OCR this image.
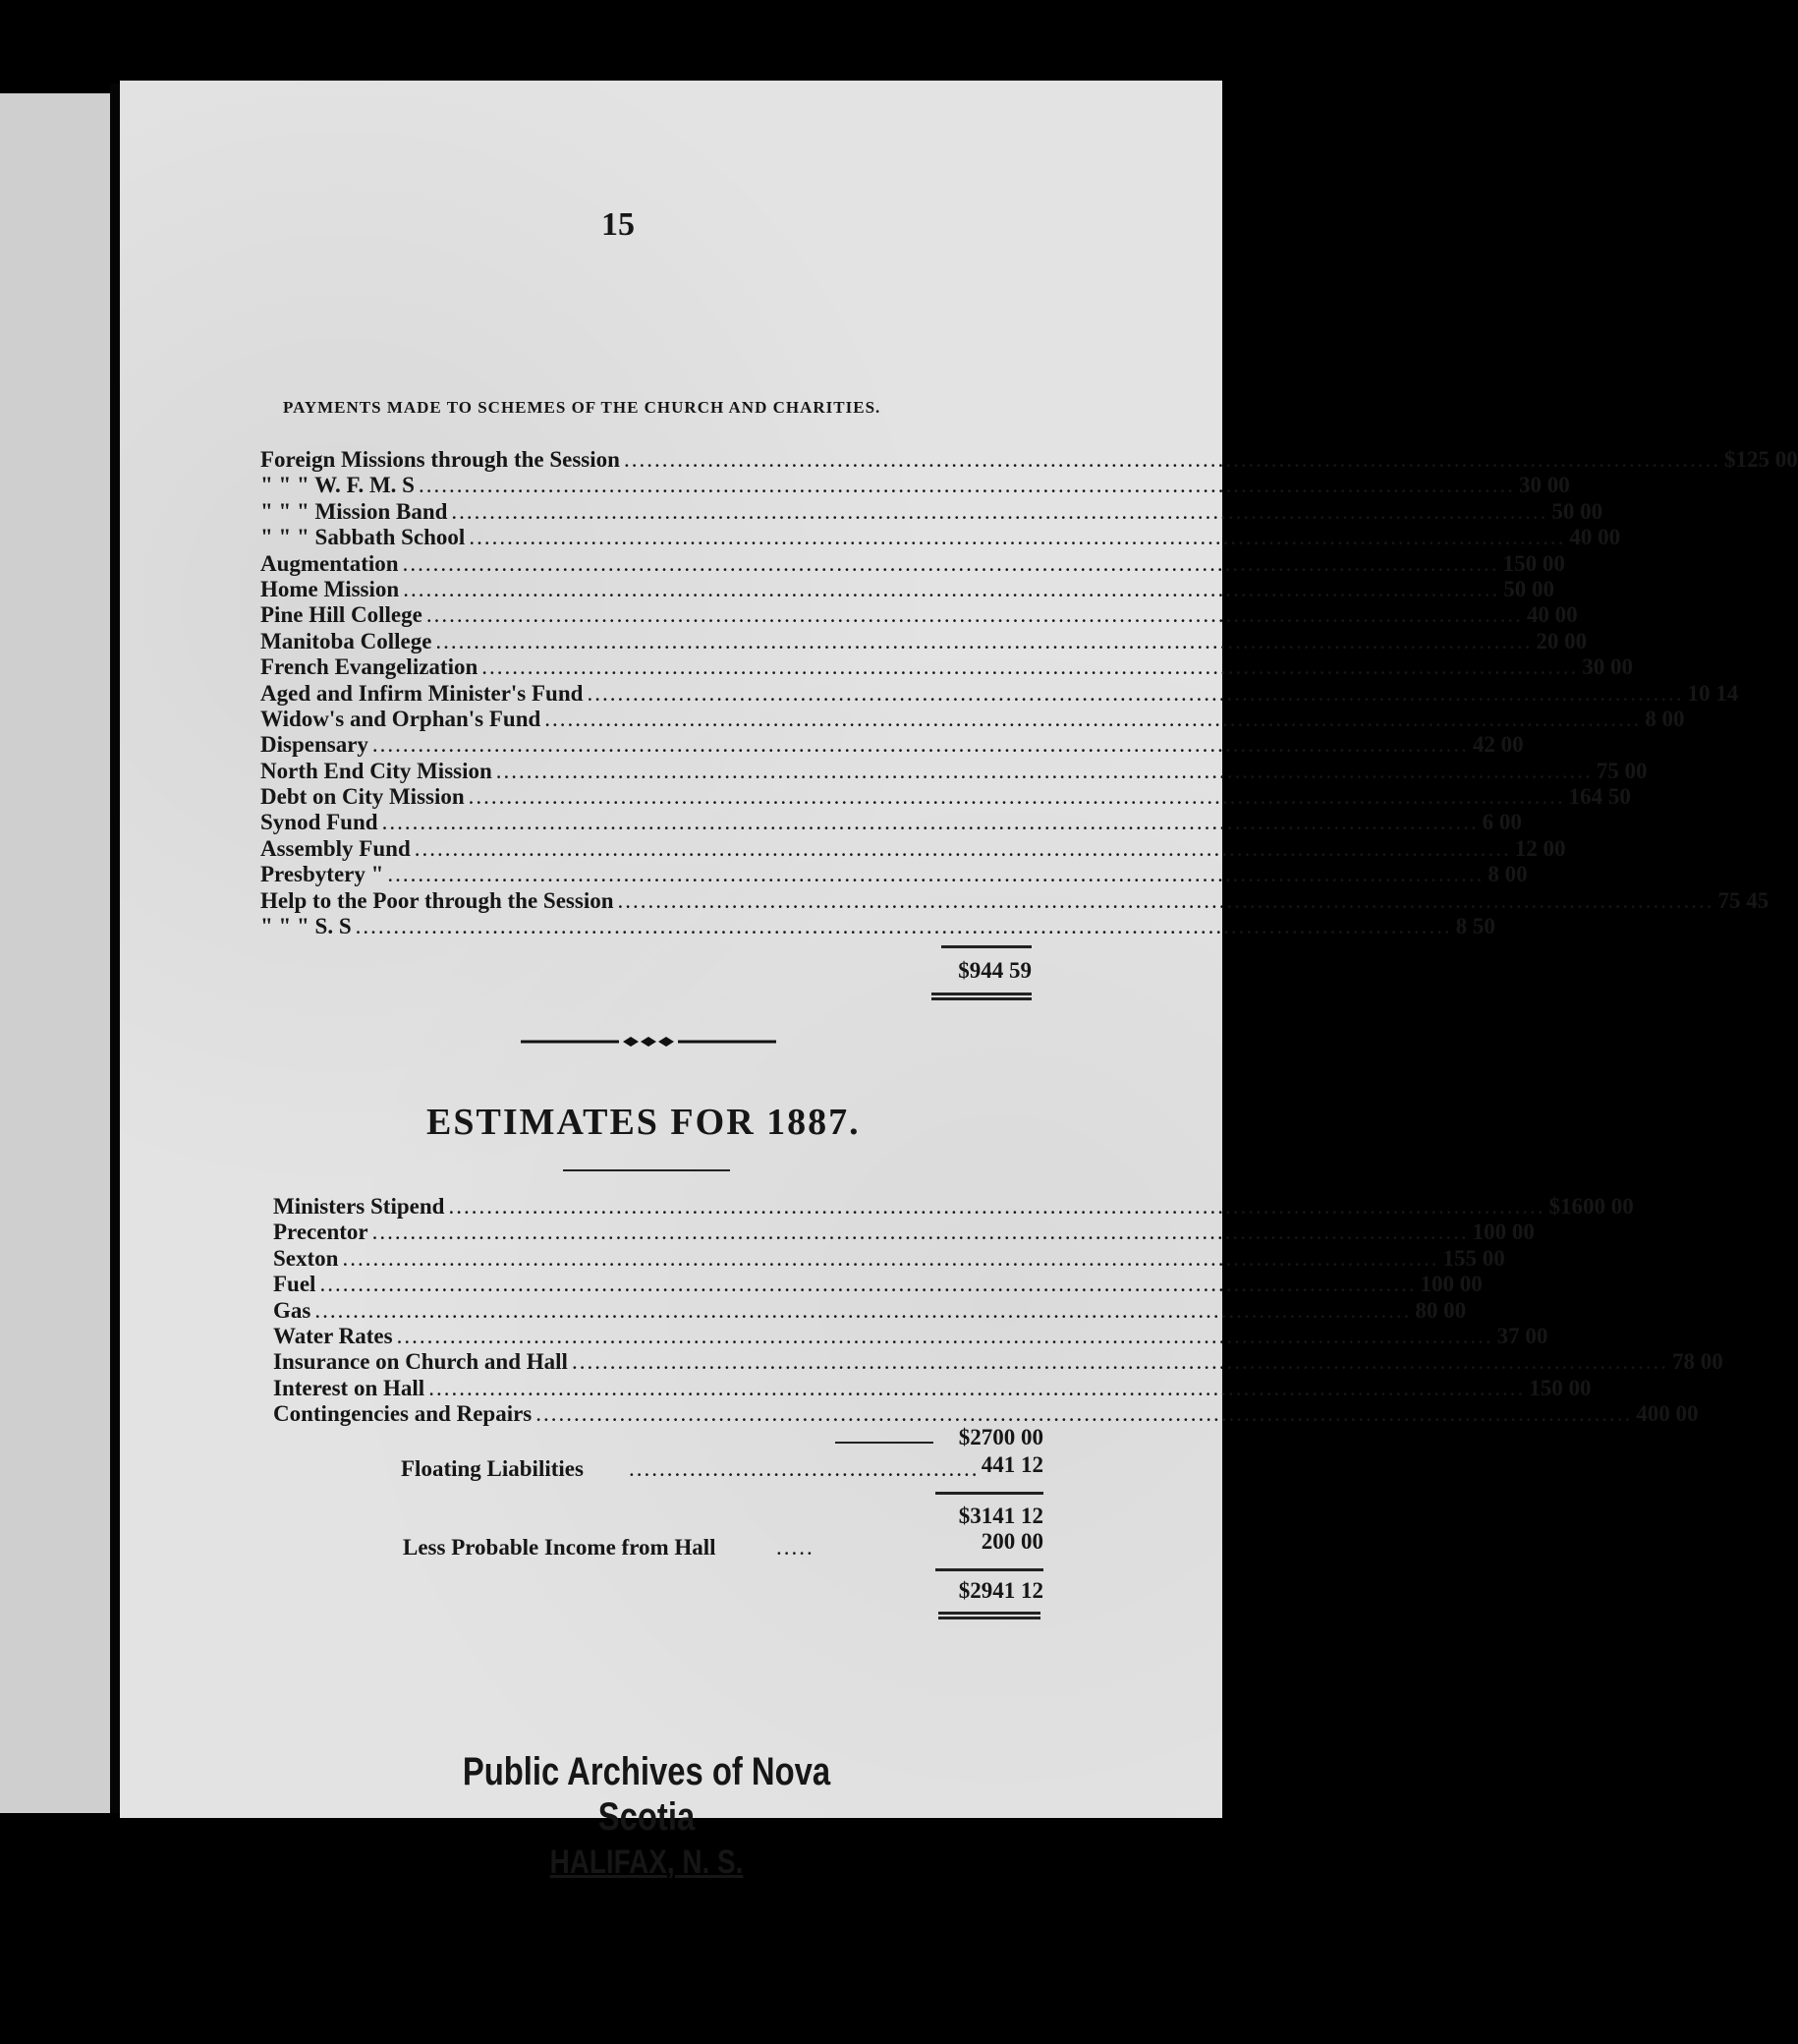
15
PAYMENTS MADE TO SCHEMES OF THE CHURCH AND CHARITIES.
Foreign Missions through the Session .....	$125 00
" " " W. F. M. S .....	30 00
" " " Mission Band .....	50 00
" " " Sabbath School .....	40 00
Augmentation .....	150 00
Home Mission .....	50 00
Pine Hill College .....	40 00
Manitoba College .....	20 00
French Evangelization .....	30 00
Aged and Infirm Minister's Fund .....	10 14
Widow's and Orphan's Fund .....	8 00
Dispensary .....	42 00
North End City Mission .....	75 00
Debt on City Mission .....	164 50
Synod Fund .....	6 00
Assembly Fund .....	12 00
Presbytery " .....	8 00
Help to the Poor through the Session .....	75 45
" " " S. S .....	8 50
$944 59
ESTIMATES FOR 1887.
Ministers Stipend .....	$1600 00
Precentor .....	100 00
Sexton .....	155 00
Fuel .....	100 00
Gas .....	80 00
Water Rates .....	37 00
Insurance on Church and Hall .....	78 00
Interest on Hall .....	150 00
Contingencies and Repairs .....	400 00
$2700 00
Floating Liabilities .............................................. 441 12
$3141 12
Less Probable Income from Hall	.....	200 00
$2941 12
Public Archives of Nova Scotia
HALIFAX, N. S.
